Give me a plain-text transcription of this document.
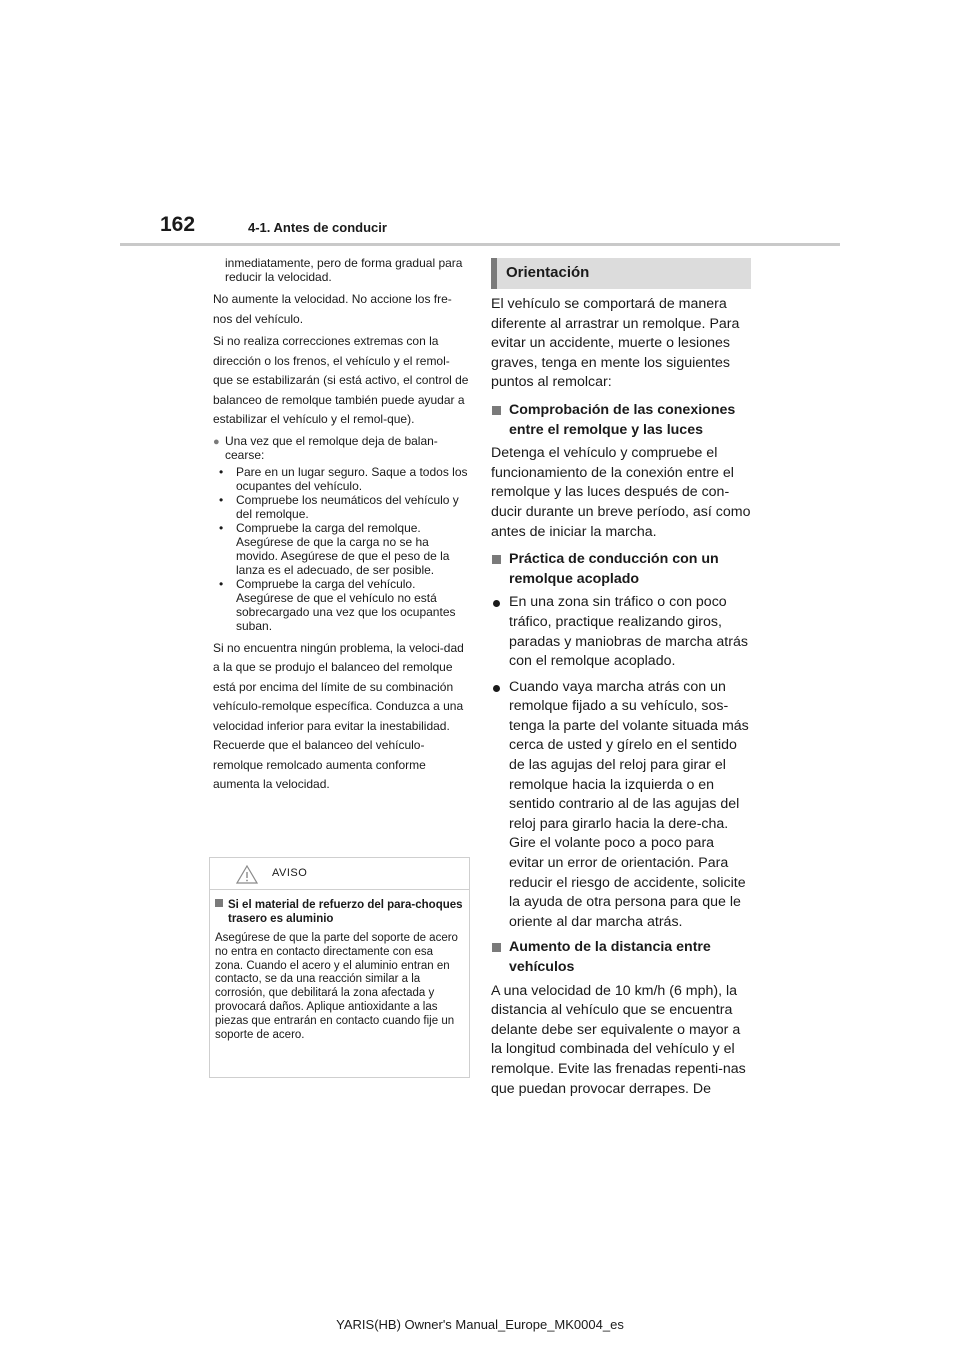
162	4-1. Antes de conducir

inmediatamente, pero de forma gradual para reducir la velocidad.

No aumente la velocidad. No accione los fre-nos del vehículo.

Si no realiza correcciones extremas con la dirección o los frenos, el vehículo y el remol-que se estabilizarán (si está activo, el control de balanceo de remolque también puede ayudar a estabilizar el vehículo y el remol-que).

● Una vez que el remolque deja de balan-cearse:

• Pare en un lugar seguro. Saque a todos los ocupantes del vehículo.
• Compruebe los neumáticos del vehículo y del remolque.
• Compruebe la carga del remolque. Asegúrese de que la carga no se ha movido. Asegúrese de que el peso de la lanza es el adecuado, de ser posible.
• Compruebe la carga del vehículo. Asegúrese de que el vehículo no está sobrecargado una vez que los ocupantes suban.

Si no encuentra ningún problema, la veloci-dad a la que se produjo el balanceo del remolque está por encima del límite de su combinación vehículo-remolque específica. Conduzca a una velocidad inferior para evitar la inestabilidad. Recuerde que el balanceo del vehículo-remolque remolcado aumenta conforme aumenta la velocidad.

AVISO
Si el material de refuerzo del para-choques trasero es aluminio
Asegúrese de que la parte del soporte de acero no entra en contacto directamente con esa zona. Cuando el acero y el aluminio entran en contacto, se da una reacción similar a la corrosión, que debilitará la zona afectada y provocará daños. Aplique antioxidante a las piezas que entrarán en contacto cuando fije un soporte de acero.
Orientación

El vehículo se comportará de manera diferente al arrastrar un remolque. Para evitar un accidente, muerte o lesiones graves, tenga en mente los siguientes puntos al remolcar:

Comprobación de las conexiones entre el remolque y las luces

Detenga el vehículo y compruebe el funcionamiento de la conexión entre el remolque y las luces después de con-ducir durante un breve período, así como antes de iniciar la marcha.

Práctica de conducción con un remolque acoplado

En una zona sin tráfico o con poco tráfico, practique realizando giros, paradas y maniobras de marcha atrás con el remolque acoplado.

Cuando vaya marcha atrás con un remolque fijado a su vehículo, sos-tenga la parte del volante situada más cerca de usted y gírelo en el sentido de las agujas del reloj para girar el remolque hacia la izquierda o en sentido contrario al de las agujas del reloj para girarlo hacia la dere-cha. Gire el volante poco a poco para evitar un error de orientación. Para reducir el riesgo de accidente, solicite la ayuda de otra persona para que le oriente al dar marcha atrás.

Aumento de la distancia entre vehículos

A una velocidad de 10 km/h (6 mph), la distancia al vehículo que se encuentra delante debe ser equivalente o mayor a la longitud combinada del vehículo y el remolque. Evite las frenadas repenti-nas que puedan provocar derrapes. De

YARIS(HB) Owner's Manual_Europe_MK0004_es
